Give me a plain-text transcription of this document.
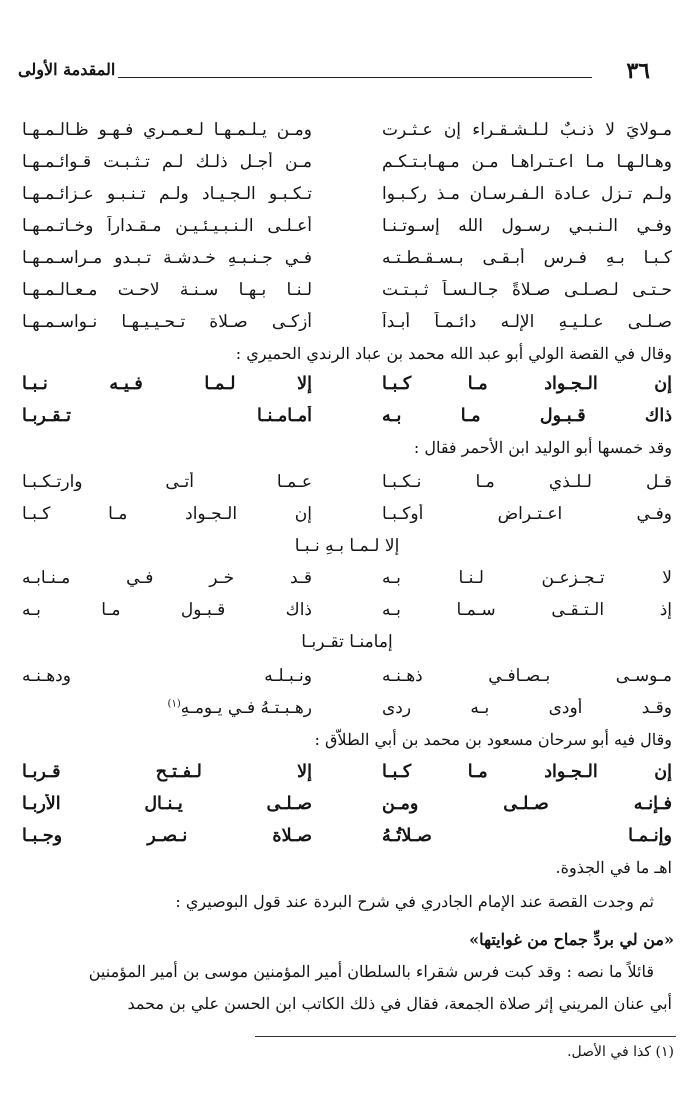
٣٦
المقدمة الأولى
مـولايَ لا ذنـبٌ لـلـشـقـراء إن عـثـرت
ومـن يـلـمـهـا لـعـمـري فـهـو ظـالـمـهـا
وهـالـهـا مـا اعـتـراهـا مـن مـهـابـتـكـم
مـن أجـل ذلـك لـم تـثـبـت قـوائـمـهـا
ولـم تـزل عـادة الـفـرسـان مـذ ركـبـوا
تـكـبـو الـجـيـاد ولـم تـنـبـو عـزائـمـهـا
وفـي الـنـبـي رسـول الله إسـوتـنـا
أعـلـى الـنـبـيـئـيـن مـقـداراً وخـاتـمـهـا
كـبـا بـهِ فـرس أبـقـى بـسـقـطـتـه
فـي جـنـبـهِ خـدشـة تـبـدو مـراسـمـهـا
حـتـى لـصـلـى صـلاةً جـالـسـاً ثـبـتـت
لـنـا بـهـا سـنـة لاحـت مـعـالـمـهـا
صـلـى عـلـيـهِ الإلـه دائـمـاً أبـداً
أزكـى صـلاة تـحـيـيـهـا نـواسـمـهـا
وقال في القصة الولي أبو عبد الله محمد بن عباد الرندي الحميري :
إن الـجـواد مـا كـبـا
إلا لـمـا فـيـه نـبـا
ذاك قـبـول مـا بـه
أمـامـنـا تـقـربـا
وقد خمسها أبو الوليد ابن الأحمر فقال :
قـل لـلـذي مـا نـكـبـا
عـمـا أتـى وارتـكـبـا
وفـي اعـتـراض أوكـبـا
إن الـجـواد مـا كـبـا
إلا لـمـا بـهِ نـبـا
لا تـجـزعـن لـنـا بـه
قـد خـر فـي مـنـابـه
إذ الـتـقـى سـمـا بـه
ذاك قـبـول مـا بـه
إمامنـا تقـربـا
مـوسـى بـصـافـي ذهـنـه
ونـبـلـه ودهـنـه
وقـد أودى بـه ردى
رهـبـتـهُ فـي يـومـهِ$^{(١)}$
وقال فيه أبو سرحان مسعود بن محمد بن أبي الطلاّق :
إن الـجـواد مـا كـبـا
إلا لـفـتـح قـربـا
فـإنـه صـلـى ومـن
صـلـى يـنـال الأربـا
وإنـمـا صـلاتُـهُ
صـلاة نـصـر وجـبـا
اهـ ما في الجذوة.
ثم وجدت القصة عند الإمام الجادري في شرح البردة عند قول البوصيري :
«من لي بردِّ جماح من غوايتها»
قائلاً ما نصه : وقد كبت فرس شقراء بالسلطان أمير المؤمنين موسى بن أمير المؤمنين
أبي عنان المريني إثر صلاة الجمعة، فقال في ذلك الكاتب ابن الحسن علي بن محمد
(١) كذا في الأصل.
